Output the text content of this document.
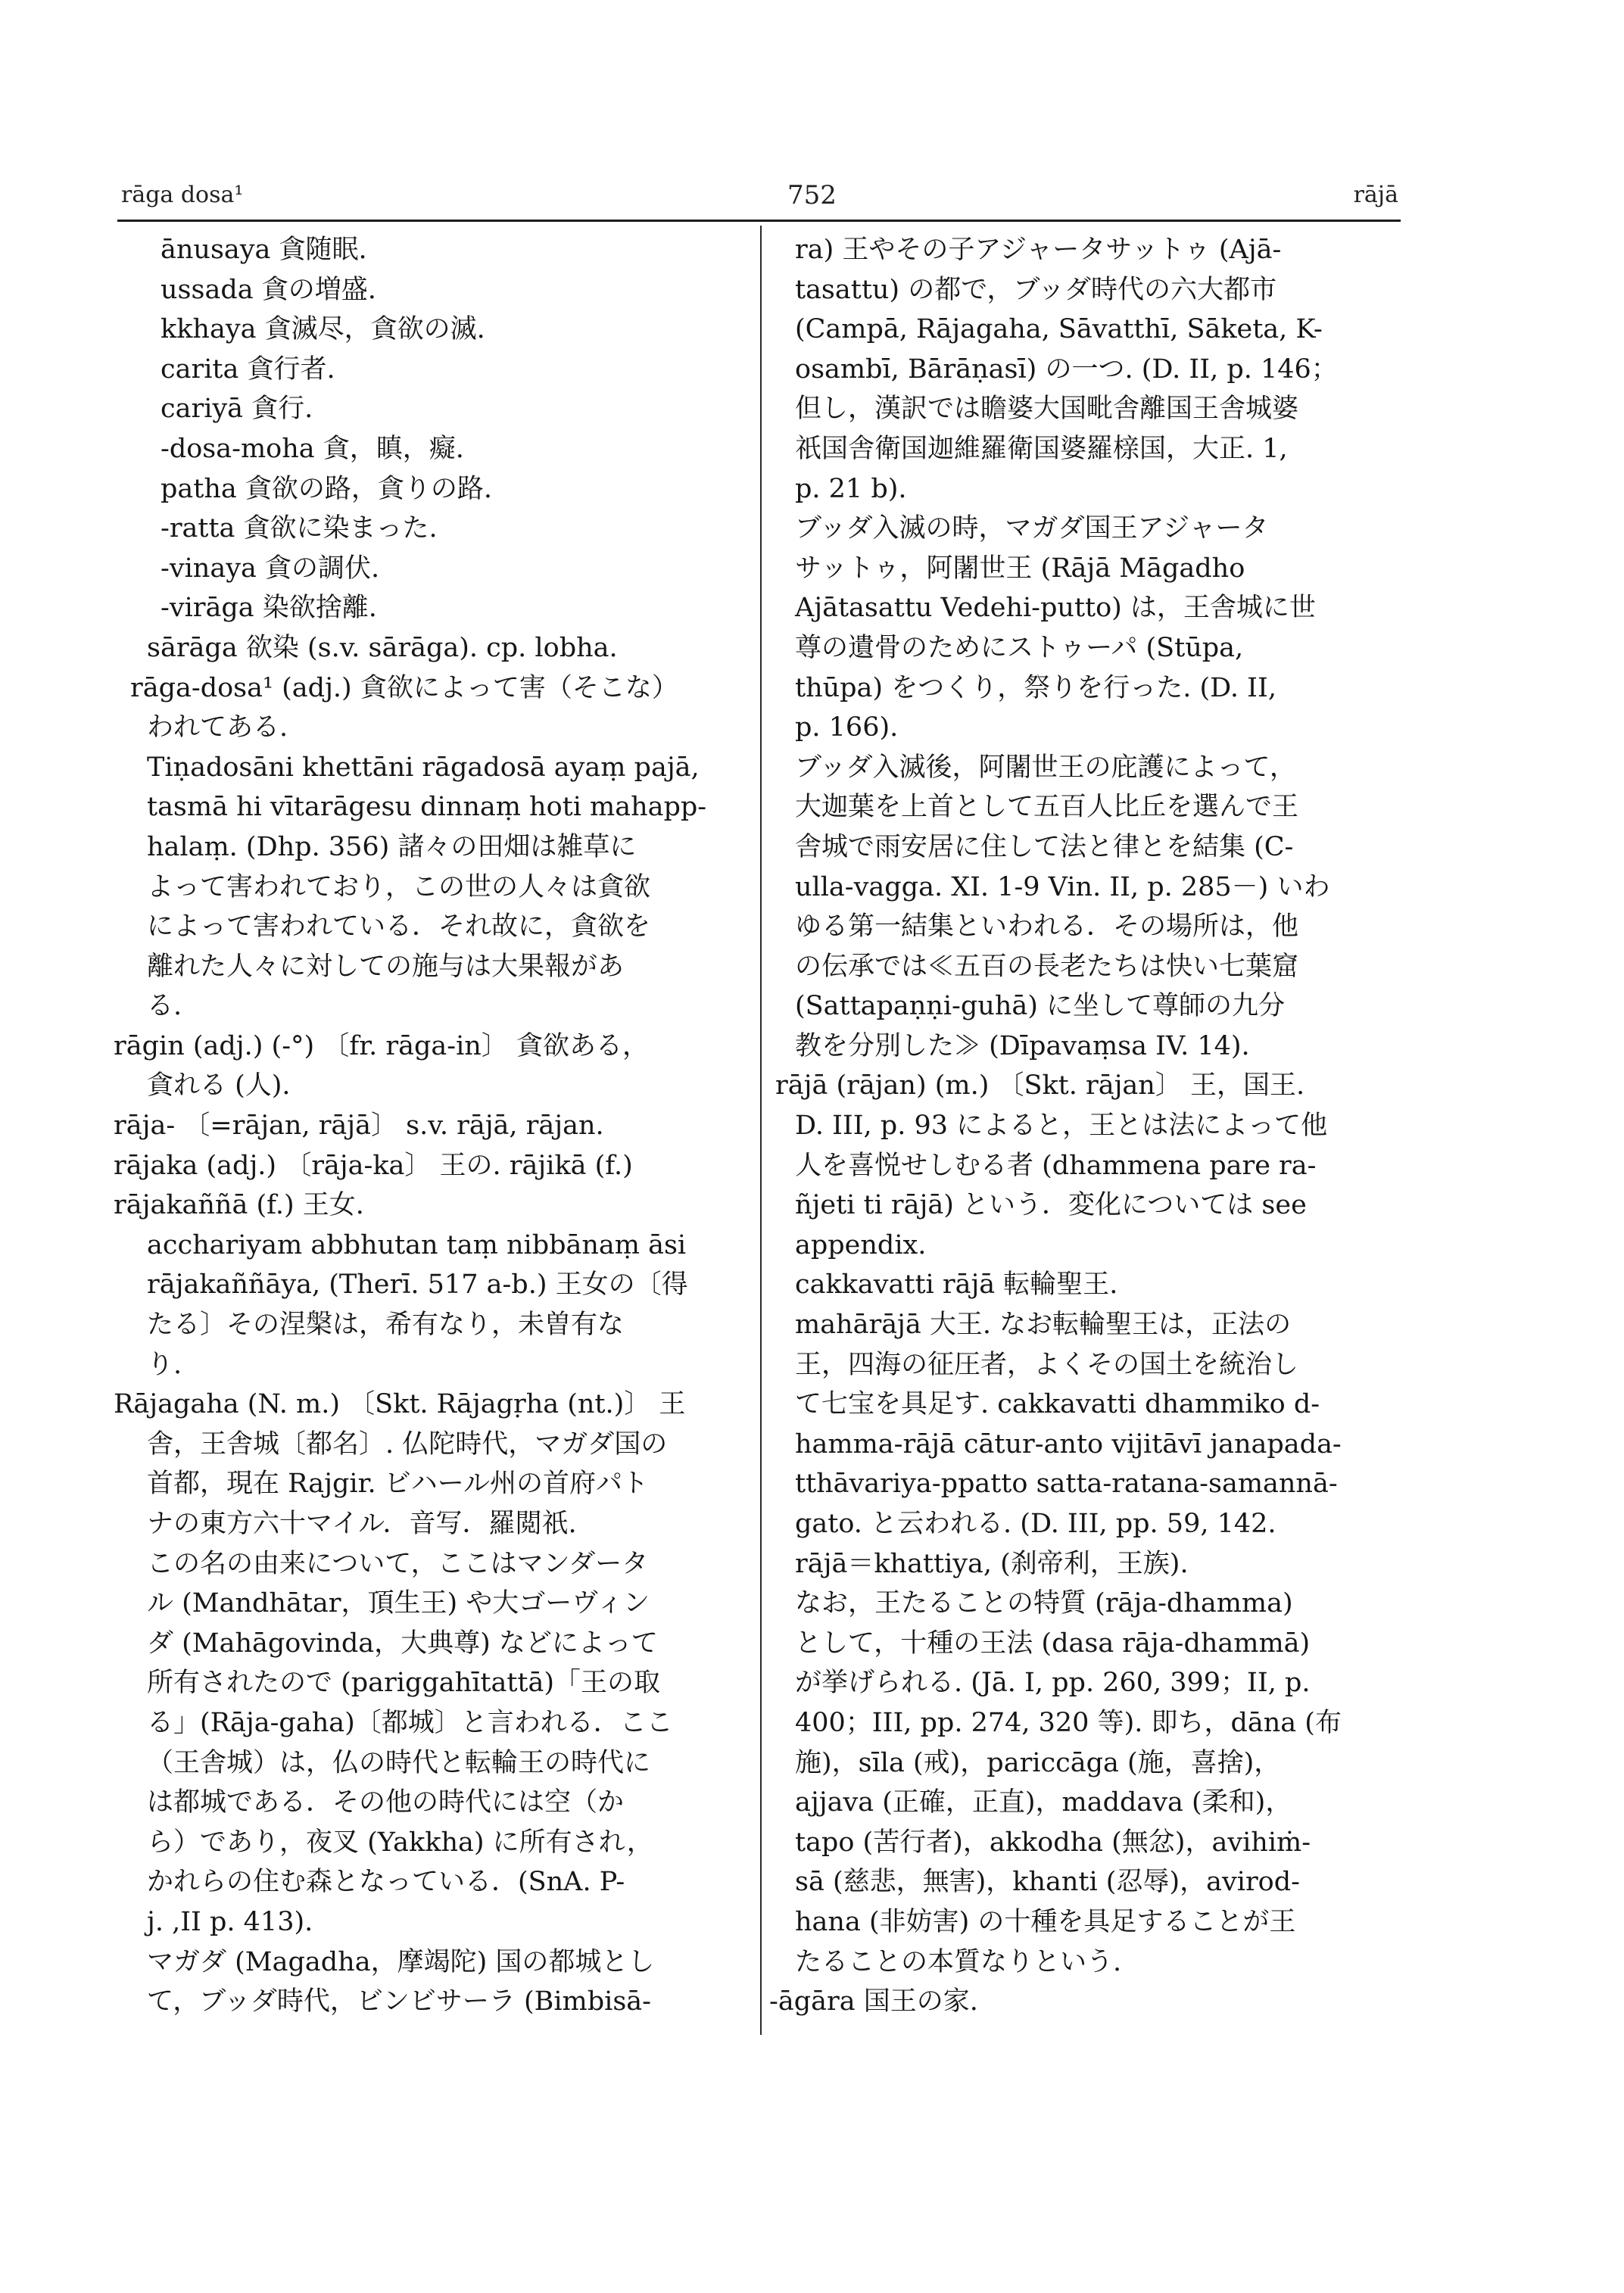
rāga dosa¹	752	rājā
ānusaya 貪随眠.
ussada 貪の増盛.
kkhaya 貪滅尽，貪欲の滅.
carita 貪行者.
cariyā 貪行.
-dosa-moha 貪，瞋，癡.
patha 貪欲の路，貪りの路.
-ratta 貪欲に染まった.
-vinaya 貪の調伏.
-virāga 染欲捨離.
sārāga 欲染 (s.v. sārāga). cp. lobha.
rāga-dosa¹ (adj.) 貪欲によって害（そこな）
われてある.
Tiṇadosāni khettāni rāgadosā ayaṃ pajā,
tasmā hi vītarāgesu dinnaṃ hoti mahapp-
halaṃ. (Dhp. 356) 諸々の田畑は雑草に
よって害われており，この世の人々は貪欲
によって害われている．それ故に，貪欲を
離れた人々に対しての施与は大果報があ
る.
rāgin (adj.) (-°) 〔fr. rāga-in〕 貪欲ある，
貪れる (人).
rāja- 〔=rājan, rājā〕 s.v. rājā, rājan.
rājaka (adj.) 〔rāja-ka〕 王の. rājikā (f.)
rājakaññā (f.) 王女.
acchariyam abbhutan taṃ nibbānaṃ āsi
rājakaññāya, (Therī. 517 a-b.) 王女の〔得
たる〕その涅槃は，希有なり，未曽有な
り.
Rājagaha (N. m.) 〔Skt. Rājagṛha (nt.)〕 王
舎，王舎城〔都名〕. 仏陀時代，マガダ国の
首都，現在 Rajgir. ビハール州の首府パト
ナの東方六十マイル．音写．羅閲祇.
この名の由来について，ここはマンダータ
ル (Mandhātar，頂生王) や大ゴーヴィン
ダ (Mahāgovinda，大典尊) などによって
所有されたので (pariggahītattā)「王の取
る」(Rāja-gaha)〔都城〕と言われる．ここ
（王舎城）は，仏の時代と転輪王の時代に
は都城である．その他の時代には空（か
ら）であり，夜叉 (Yakkha) に所有され，
かれらの住む森となっている．(SnA. P-
j. ,II p. 413).
マガダ (Magadha，摩竭陀) 国の都城とし
て，ブッダ時代，ビンビサーラ (Bimbisā-
ra) 王やその子アジャータサットゥ (Ajā-
tasattu) の都で，ブッダ時代の六大都市
(Campā, Rājagaha, Sāvatthī, Sāketa, K-
osambī, Bārāṇasī) の一つ. (D. II, p. 146；
但し，漢訳では瞻婆大国毗舎離国王舎城婆
祇国舎衛国迦維羅衛国婆羅榇国，大正. 1,
p. 21 b).
ブッダ入滅の時，マガダ国王アジャータ
サットゥ，阿闍世王 (Rājā Māgadho
Ajātasattu Vedehi-putto) は，王舎城に世
尊の遺骨のためにストゥーパ (Stūpa,
thūpa) をつくり，祭りを行った. (D. II,
p. 166).
ブッダ入滅後，阿闍世王の庇護によって，
大迦葉を上首として五百人比丘を選んで王
舎城で雨安居に住して法と律とを結集 (C-
ulla-vagga. XI. 1-9 Vin. II, p. 285－) いわ
ゆる第一結集といわれる．その場所は，他
の伝承では≪五百の長老たちは快い七葉窟
(Sattapaṇṇi-guhā) に坐して尊師の九分
教を分別した≫ (Dīpavaṃsa IV. 14).
rājā (rājan) (m.) 〔Skt. rājan〕 王，国王.
D. III, p. 93 によると，王とは法によって他
人を喜悦せしむる者 (dhammena pare ra-
ñjeti ti rājā) という．変化については see
appendix.
cakkavatti rājā 転輪聖王.
mahārājā 大王. なお転輪聖王は，正法の
王，四海の征圧者，よくその国土を統治し
て七宝を具足す. cakkavatti dhammiko d-
hamma-rājā cātur-anto vijitāvī janapada-
tthāvariya-ppatto satta-ratana-samannā-
gato. と云われる. (D. III, pp. 59, 142.
rājā＝khattiya, (刹帝利，王族).
なお，王たることの特質 (rāja-dhamma)
として，十種の王法 (dasa rāja-dhammā)
が挙げられる. (Jā. I, pp. 260, 399；II, p.
400；III, pp. 274, 320 等). 即ち，dāna (布
施)，sīla (戒)，pariccāga (施，喜捨)，
ajjava (正確，正直)，maddava (柔和)，
tapo (苦行者)，akkodha (無忿)，avihiṁ-
sā (慈悲，無害)，khanti (忍辱)，avirod-
hana (非妨害) の十種を具足することが王
たることの本質なりという.
-āgāra 国王の家.
